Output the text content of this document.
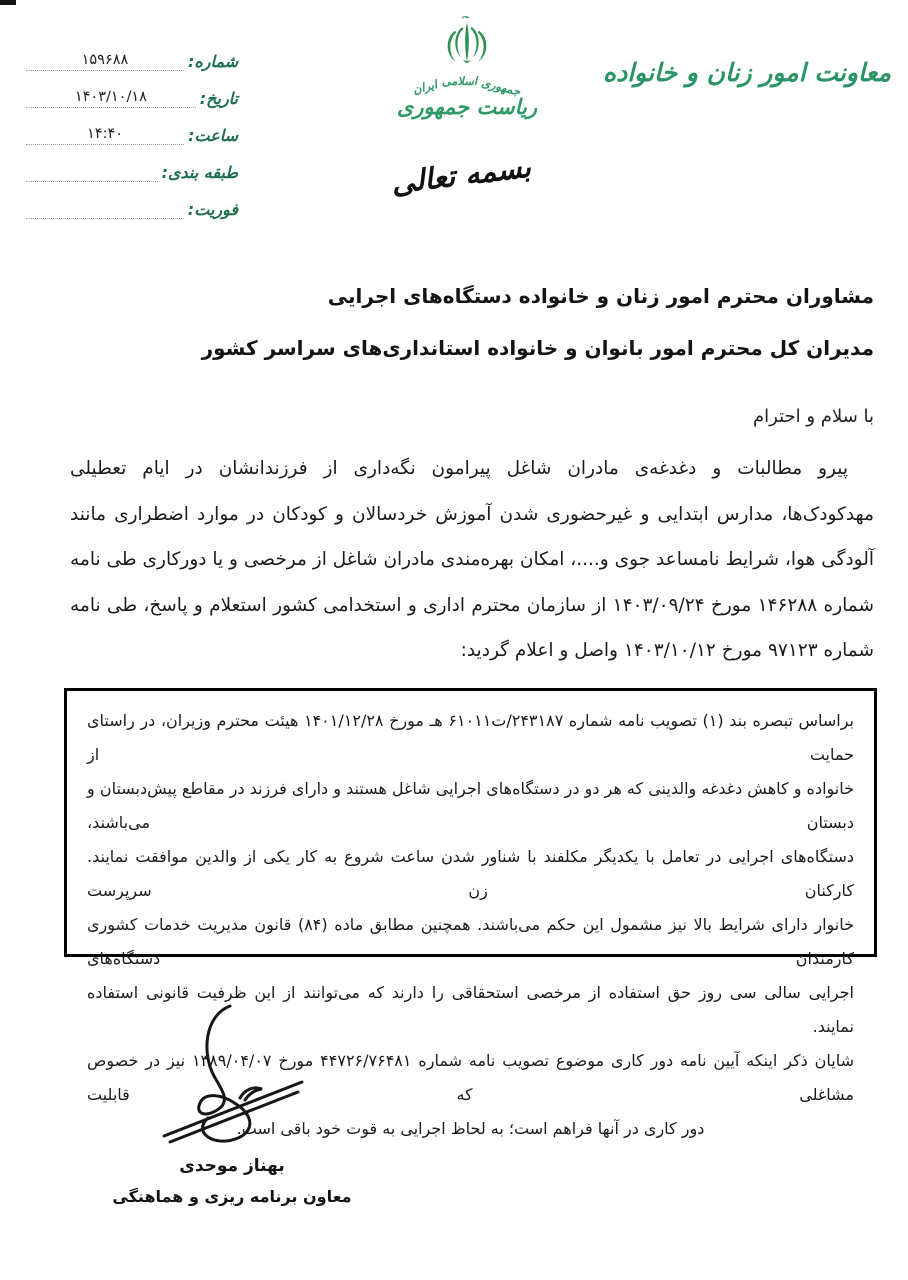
شماره:
۱۵۹۶۸۸
تاریخ:
۱۴۰۳/۱۰/۱۸
ساعت:
۱۴:۴۰
طبقه بندی:
فوریت:
جمهوری
اسلامی
ایران
ریاست جمهوری
بسمه تعالی
معاونت امور زنان و خانواده
مشاوران محترم امور زنان و خانواده دستگاه‌های اجرایی
مدیران کل محترم امور بانوان و خانواده استانداری‌های سراسر کشور
با سلام و احترام
پیرو مطالبات و دغدغه‌ی مادران شاغل پیرامون نگه‌داری از فرزندانشان در ایام تعطیلی
مهدکودک‌ها، مدارس ابتدایی و غیرحضوری شدن آموزش خردسالان و کودکان در موارد اضطراری مانند
آلودگی هوا، شرایط نامساعد جوی و....، امکان بهره‌مندی مادران شاغل از مرخصی و یا دورکاری طی نامه
شماره ۱۴۶۲۸۸ مورخ ۱۴۰۳/۰۹/۲۴ از سازمان محترم اداری و استخدامی کشور استعلام و پاسخ، طی نامه
شماره ۹۷۱۲۳ مورخ ۱۴۰۳/۱۰/۱۲ واصل و اعلام گردید:
براساس تبصره بند (۱) تصویب نامه شماره ۲۴۳۱۸۷/ت۶۱۰۱۱ هـ مورخ ۱۴۰۱/۱۲/۲۸ هیئت محترم وزیران، در راستای حمایت از
خانواده و کاهش دغدغه والدینی که هر دو در دستگاه‌های اجرایی شاغل هستند و دارای فرزند در مقاطع پیش‌دبستان و دبستان می‌باشند،
دستگاه‌های اجرایی در تعامل با یکدیگر مکلفند با شناور شدن ساعت شروع به کار یکی از والدین موافقت نمایند. کارکنان زن سرپرست
خانوار دارای شرایط بالا نیز مشمول این حکم می‌باشند. همچنین مطابق ماده (۸۴) قانون مدیریت خدمات کشوری کارمندان دستگاه‌های
اجرایی سالی سی روز حق استفاده از مرخصی استحقاقی را دارند که می‌توانند از این ظرفیت قانونی استفاده نمایند.
شایان ذکر اینکه آیین نامه دور کاری موضوع تصویب نامه شماره ۴۴۷۲۶/۷۶۴۸۱ مورخ ۱۳۸۹/۰۴/۰۷ نیز در خصوص مشاغلی که قابلیت
دور کاری در آنها فراهم است؛ به لحاظ اجرایی به قوت خود باقی است.
بهناز موحدی
معاون برنامه ریزی و هماهنگی
